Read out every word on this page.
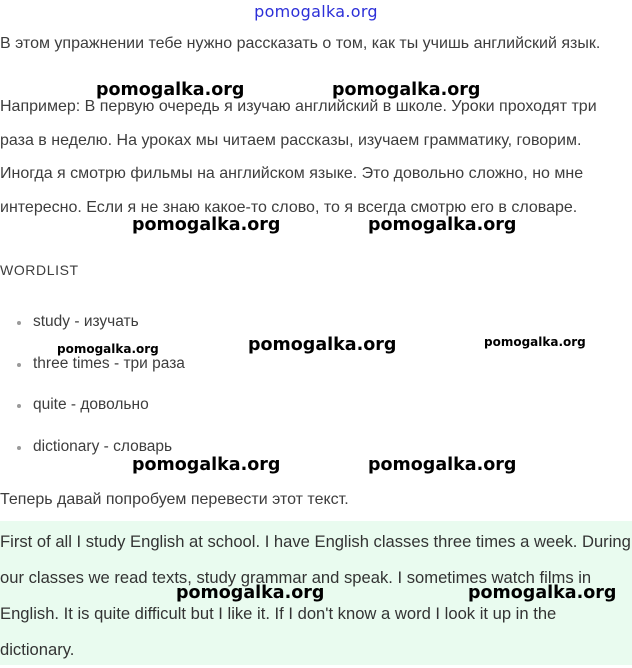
pomogalka.org
В этом упражнении тебе нужно рассказать о том, как ты учишь английский язык.
Например: В первую очередь я изучаю английский в школе. Уроки проходят три раза в неделю. На уроках мы читаем рассказы, изучаем грамматику, говорим. Иногда я смотрю фильмы на английском языке. Это довольно сложно, но мне интересно. Если я не знаю какое-то слово, то я всегда смотрю его в словаре.
WORDLIST
study - изучать
three times - три раза
quite - довольно
dictionary - словарь
Теперь давай попробуем перевести этот текст.
First of all I study English at school. I have English classes three times a week. During our classes we read texts, study grammar and speak. I sometimes watch films in English. It is quite difficult but I like it. If I don't know a word I look it up in the dictionary.
pomogalka.org	pomogalka.org
pomogalka.org	pomogalka.org
pomogalka.org	pomogalka.org	pomogalka.org
pomogalka.org	pomogalka.org
pomogalka.org	pomogalka.org
